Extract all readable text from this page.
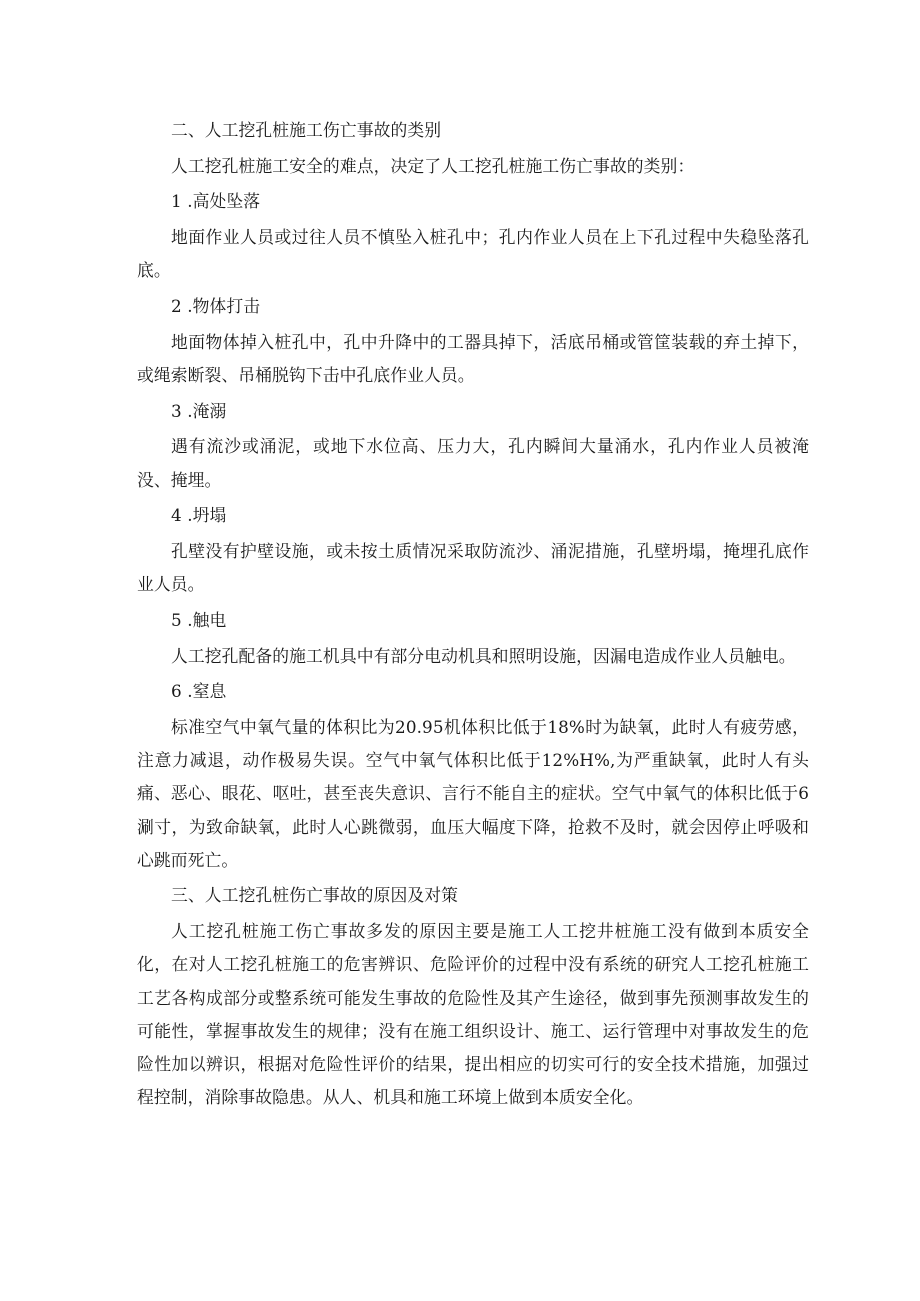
二、人工挖孔桩施工伤亡事故的类别

人工挖孔桩施工安全的难点，决定了人工挖孔桩施工伤亡事故的类别：

1 .高处坠落

地面作业人员或过往人员不慎坠入桩孔中；孔内作业人员在上下孔过程中失稳坠落孔底。

2 .物体打击

地面物体掉入桩孔中，孔中升降中的工器具掉下，活底吊桶或管筐装载的弃土掉下，或绳索断裂、吊桶脱钩下击中孔底作业人员。

3 .淹溺

遇有流沙或涌泥，或地下水位高、压力大，孔内瞬间大量涌水，孔内作业人员被淹没、掩埋。

4 .坍塌

孔壁没有护壁设施，或未按土质情况采取防流沙、涌泥措施，孔壁坍塌，掩埋孔底作业人员。

5 .触电

人工挖孔配备的施工机具中有部分电动机具和照明设施，因漏电造成作业人员触电。

6 .窒息

标准空气中氧气量的体积比为20.95机体积比低于18%时为缺氧，此时人有疲劳感，注意力减退，动作极易失误。空气中氧气体积比低于12%H%,为严重缺氧，此时人有头痛、恶心、眼花、呕吐，甚至丧失意识、言行不能自主的症状。空气中氧气的体积比低于6涮寸，为致命缺氧，此时人心跳微弱，血压大幅度下降，抢救不及时，就会因停止呼吸和心跳而死亡。

三、人工挖孔桩伤亡事故的原因及对策

人工挖孔桩施工伤亡事故多发的原因主要是施工人工挖井桩施工没有做到本质安全化，在对人工挖孔桩施工的危害辨识、危险评价的过程中没有系统的研究人工挖孔桩施工工艺各构成部分或整系统可能发生事故的危险性及其产生途径，做到事先预测事故发生的可能性，掌握事故发生的规律；没有在施工组织设计、施工、运行管理中对事故发生的危险性加以辨识，根据对危险性评价的结果，提出相应的切实可行的安全技术措施，加强过程控制，消除事故隐患。从人、机具和施工环境上做到本质安全化。
